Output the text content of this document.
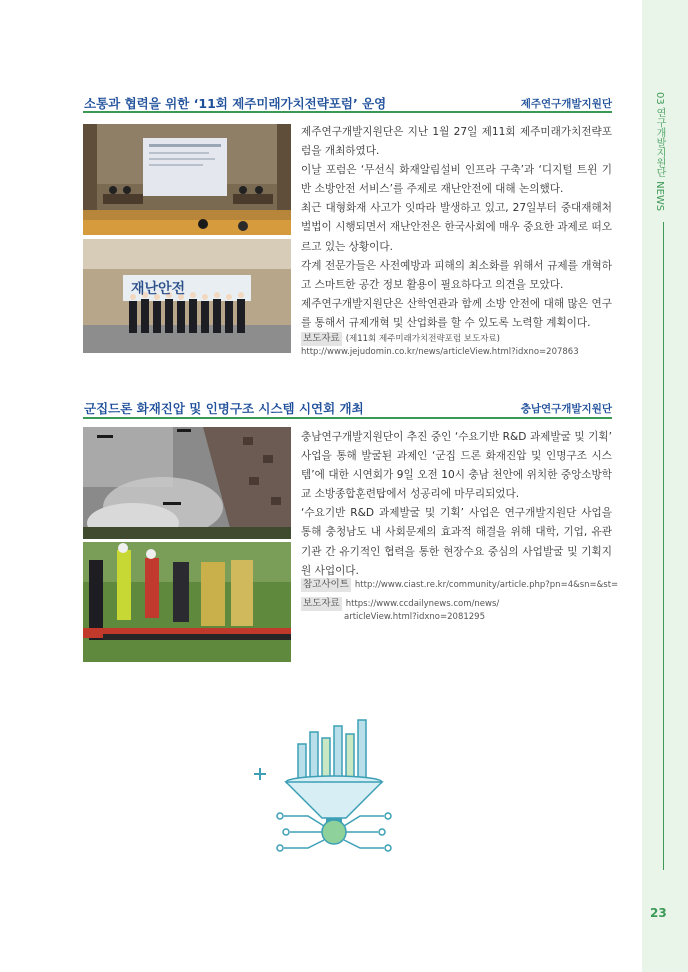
03 연구개발지원단 NEWS
23
소통과 협력을 위한 ‘11회 제주미래가치전략포럼’ 운영	제주연구개발지원단
재난안전

제주연구개발지원단은 지난 1월 27일 제11회 제주미래가치전략포럼을 개최하였다.

이날 포럼은 ‘무선식 화재알림설비 인프라 구축’과 ‘디지털 트윈 기반 소방안전 서비스’를 주제로 재난안전에 대해 논의했다.

최근 대형화재 사고가 잇따라 발생하고 있고, 27일부터 중대재해처벌법이 시행되면서 재난안전은 한국사회에 매우 중요한 과제로 떠오르고 있는 상황이다.

각계 전문가들은 사전예방과 피해의 최소화를 위해서 규제를 개혁하고 스마트한 공간 정보 활용이 필요하다고 의견을 모았다.

제주연구개발지원단은 산학연관과 함께 소방 안전에 대해 많은 연구를 통해서 규제개혁 및 산업화를 할 수 있도록 노력할 계획이다.

보도자료 (제11회 제주미래가치전략포럼 보도자료)
http://www.jejudomin.co.kr/news/articleView.html?idxno=207863
군집드론 화재진압 및 인명구조 시스템 시연회 개최	충남연구개발지원단

충남연구개발지원단이 추진 중인 ‘수요기반 R&D 과제발굴 및 기획’ 사업을 통해 발굴된 과제인 ‘군집 드론 화재진압 및 인명구조 시스템’에 대한 시연회가 9일 오전 10시 충남 천안에 위치한 중앙소방학교 소방종합훈련탑에서 성공리에 마무리되었다.

‘수요기반 R&D 과제발굴 및 기획’ 사업은 연구개발지원단 사업을 통해 충청남도 내 사회문제의 효과적 해결을 위해 대학, 기업, 유관기관 간 유기적인 협력을 통한 현장수요 중심의 사업발굴 및 기획지원 사업이다.

참고사이트 http://www.ciast.re.kr/community/article.php?pn=4&sn=&st=
보도자료 https://www.ccdailynews.com/news/
articleView.html?idxno=2081295
